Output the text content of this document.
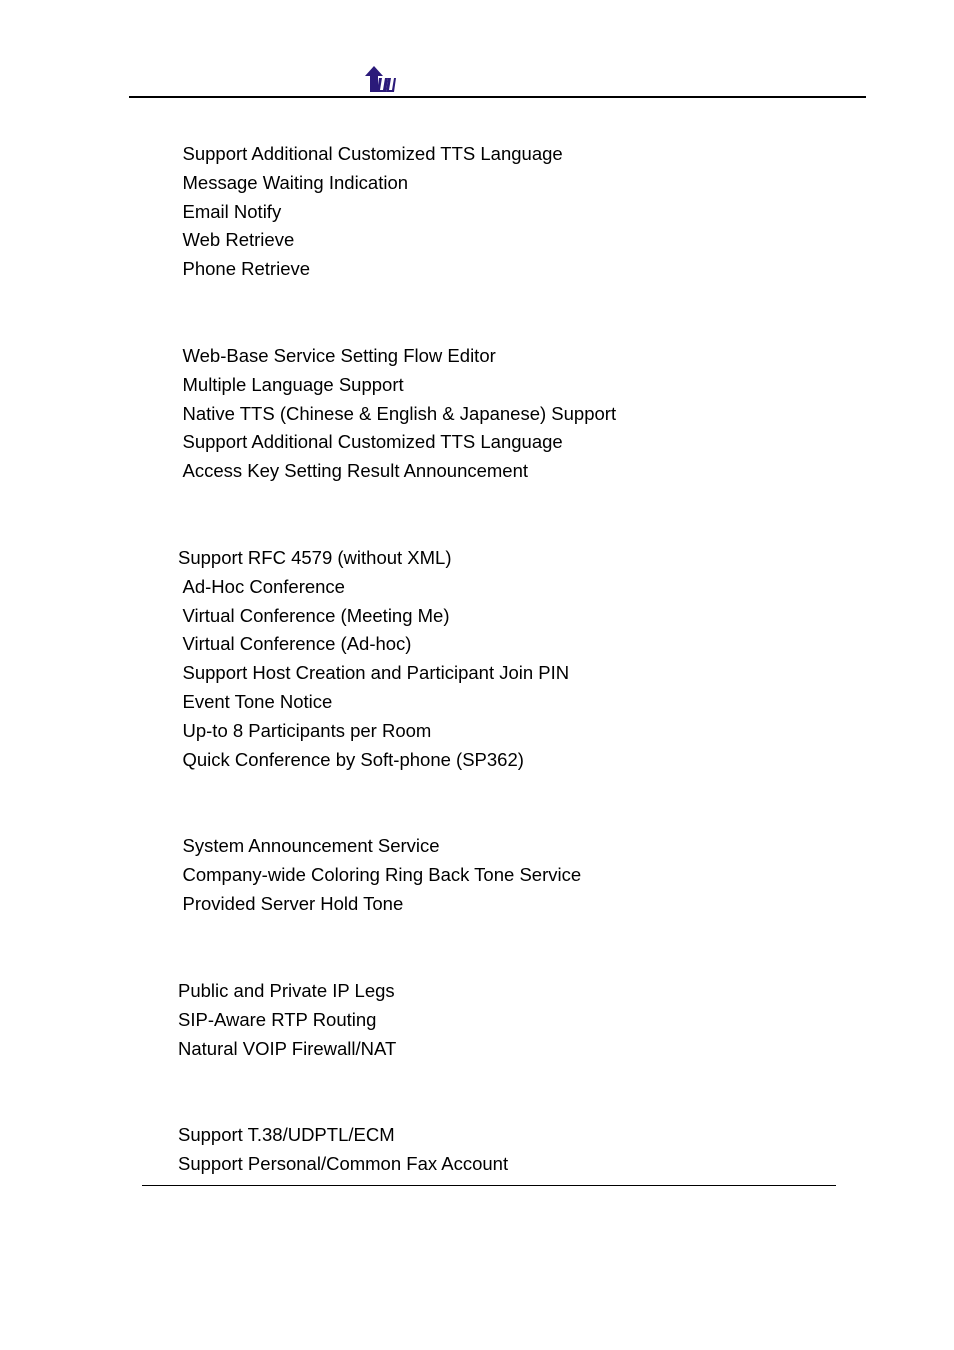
Support Additional Customized TTS Language
Message Waiting Indication
Email Notify
Web Retrieve
Phone Retrieve
Web-Base Service Setting Flow Editor
Multiple Language Support
Native TTS (Chinese & English & Japanese) Support
Support Additional Customized TTS Language
Access Key Setting Result Announcement
Support RFC 4579 (without XML)
Ad-Hoc Conference
Virtual Conference (Meeting Me)
Virtual Conference (Ad-hoc)
Support Host Creation and Participant Join PIN
Event Tone Notice
Up-to 8 Participants per Room
Quick Conference by Soft-phone (SP362)
System Announcement Service
Company-wide Coloring Ring Back Tone Service
Provided Server Hold Tone
Public and Private IP Legs
SIP-Aware RTP Routing
Natural VOIP Firewall/NAT
Support T.38/UDPTL/ECM
Support Personal/Common Fax Account
